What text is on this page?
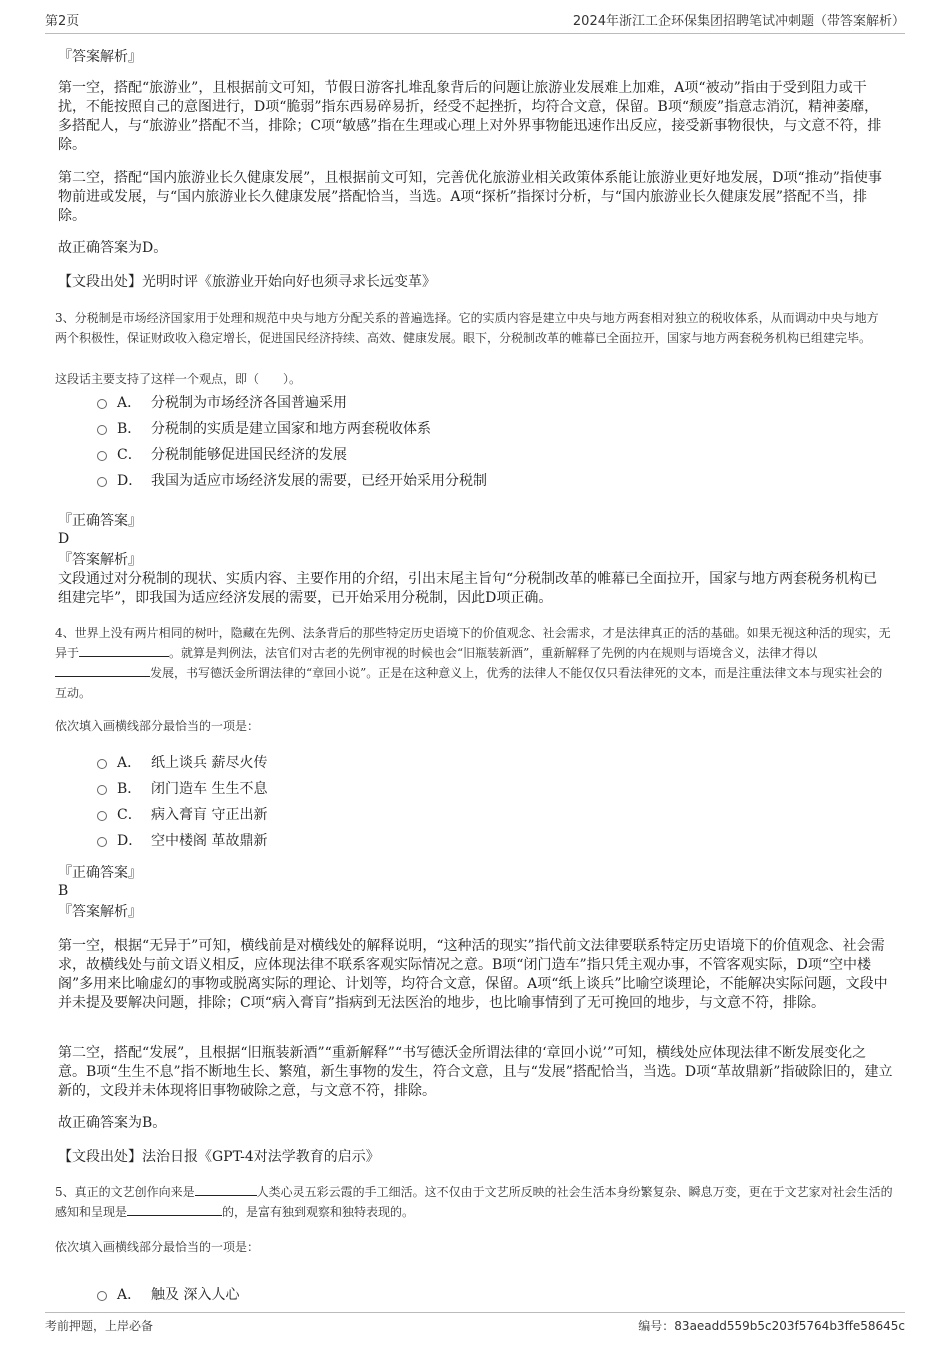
第2页	2024年浙江工企环保集团招聘笔试冲刺题（带答案解析）
『答案解析』
第一空，搭配“旅游业”，且根据前文可知，节假日游客扎堆乱象背后的问题让旅游业发展难上加难，A项“被动”指由于受到阻力或干扰，不能按照自己的意图进行，D项“脆弱”指东西易碎易折，经受不起挫折，均符合文意，保留。B项“颓废”指意志消沉，精神萎靡，多搭配人，与“旅游业”搭配不当，排除；C项“敏感”指在生理或心理上对外界事物能迅速作出反应，接受新事物很快，与文意不符，排除。
第二空，搭配“国内旅游业长久健康发展”，且根据前文可知，完善优化旅游业相关政策体系能让旅游业更好地发展，D项“推动”指使事物前进或发展，与“国内旅游业长久健康发展”搭配恰当，当选。A项“探析”指探讨分析，与“国内旅游业长久健康发展”搭配不当，排除。
故正确答案为D。
【文段出处】光明时评《旅游业开始向好也须寻求长远变革》
3、分税制是市场经济国家用于处理和规范中央与地方分配关系的普遍选择。它的实质内容是建立中央与地方两套相对独立的税收体系，从而调动中央与地方两个积极性，保证财政收入稳定增长，促进国民经济持续、高效、健康发展。眼下，分税制改革的帷幕已全面拉开，国家与地方两套税务机构已组建完毕。
这段话主要支持了这样一个观点，即（　　）。
A． 分税制为市场经济各国普遍采用
B． 分税制的实质是建立国家和地方两套税收体系
C． 分税制能够促进国民经济的发展
D． 我国为适应市场经济发展的需要，已经开始采用分税制
『正确答案』
D
『答案解析』
文段通过对分税制的现状、实质内容、主要作用的介绍，引出末尾主旨句“分税制改革的帷幕已全面拉开，国家与地方两套税务机构已组建完毕”，即我国为适应经济发展的需要，已开始采用分税制，因此D项正确。
4、世界上没有两片相同的树叶，隐藏在先例、法条背后的那些特定历史语境下的价值观念、社会需求，才是法律真正的活的基础。如果无视这种活的现实，无异于	。就算是判例法，法官们对古老的先例审视的时候也会“旧瓶装新酒”，重新解释了先例的内在规则与语境含义，法律才得以发展，书写德沃金所谓法律的“章回小说”。正是在这种意义上，优秀的法律人不能仅仅只看法律死的文本，而是注重法律文本与现实社会的互动。
依次填入画横线部分最恰当的一项是：
A． 纸上谈兵 薪尽火传
B． 闭门造车 生生不息
C． 病入膏肓 守正出新
D． 空中楼阁 革故鼎新
『正确答案』
B
『答案解析』
第一空，根据“无异于”可知，横线前是对横线处的解释说明，“这种活的现实”指代前文法律要联系特定历史语境下的价值观念、社会需求，故横线处与前文语义相反，应体现法律不联系客观实际情况之意。B项“闭门造车”指只凭主观办事，不管客观实际，D项“空中楼阁”多用来比喻虚幻的事物或脱离实际的理论、计划等，均符合文意，保留。A项“纸上谈兵”比喻空谈理论，不能解决实际问题，文段中并未提及要解决问题，排除；C项“病入膏肓”指病到无法医治的地步，也比喻事情到了无可挽回的地步，与文意不符，排除。
第二空，搭配“发展”，且根据“旧瓶装新酒”“重新解释”“书写德沃金所谓法律的‘章回小说’”可知，横线处应体现法律不断发展变化之意。B项“生生不息”指不断地生长、繁殖，新生事物的发生，符合文意，且与“发展”搭配恰当，当选。D项“革故鼎新”指破除旧的，建立新的，文段并未体现将旧事物破除之意，与文意不符，排除。
故正确答案为B。
【文段出处】法治日报《GPT-4对法学教育的启示》
5、真正的文艺创作向来是	人类心灵五彩云霞的手工细活。这不仅由于文艺所反映的社会生活本身纷繁复杂、瞬息万变，更在于文艺家对社会生活的感知和呈现是	的，是富有独到观察和独特表现的。
依次填入画横线部分最恰当的一项是：
A． 触及 深入人心
考前押题，上岸必备	编号：83aeadd559b5c203f5764b3ffe58645c
